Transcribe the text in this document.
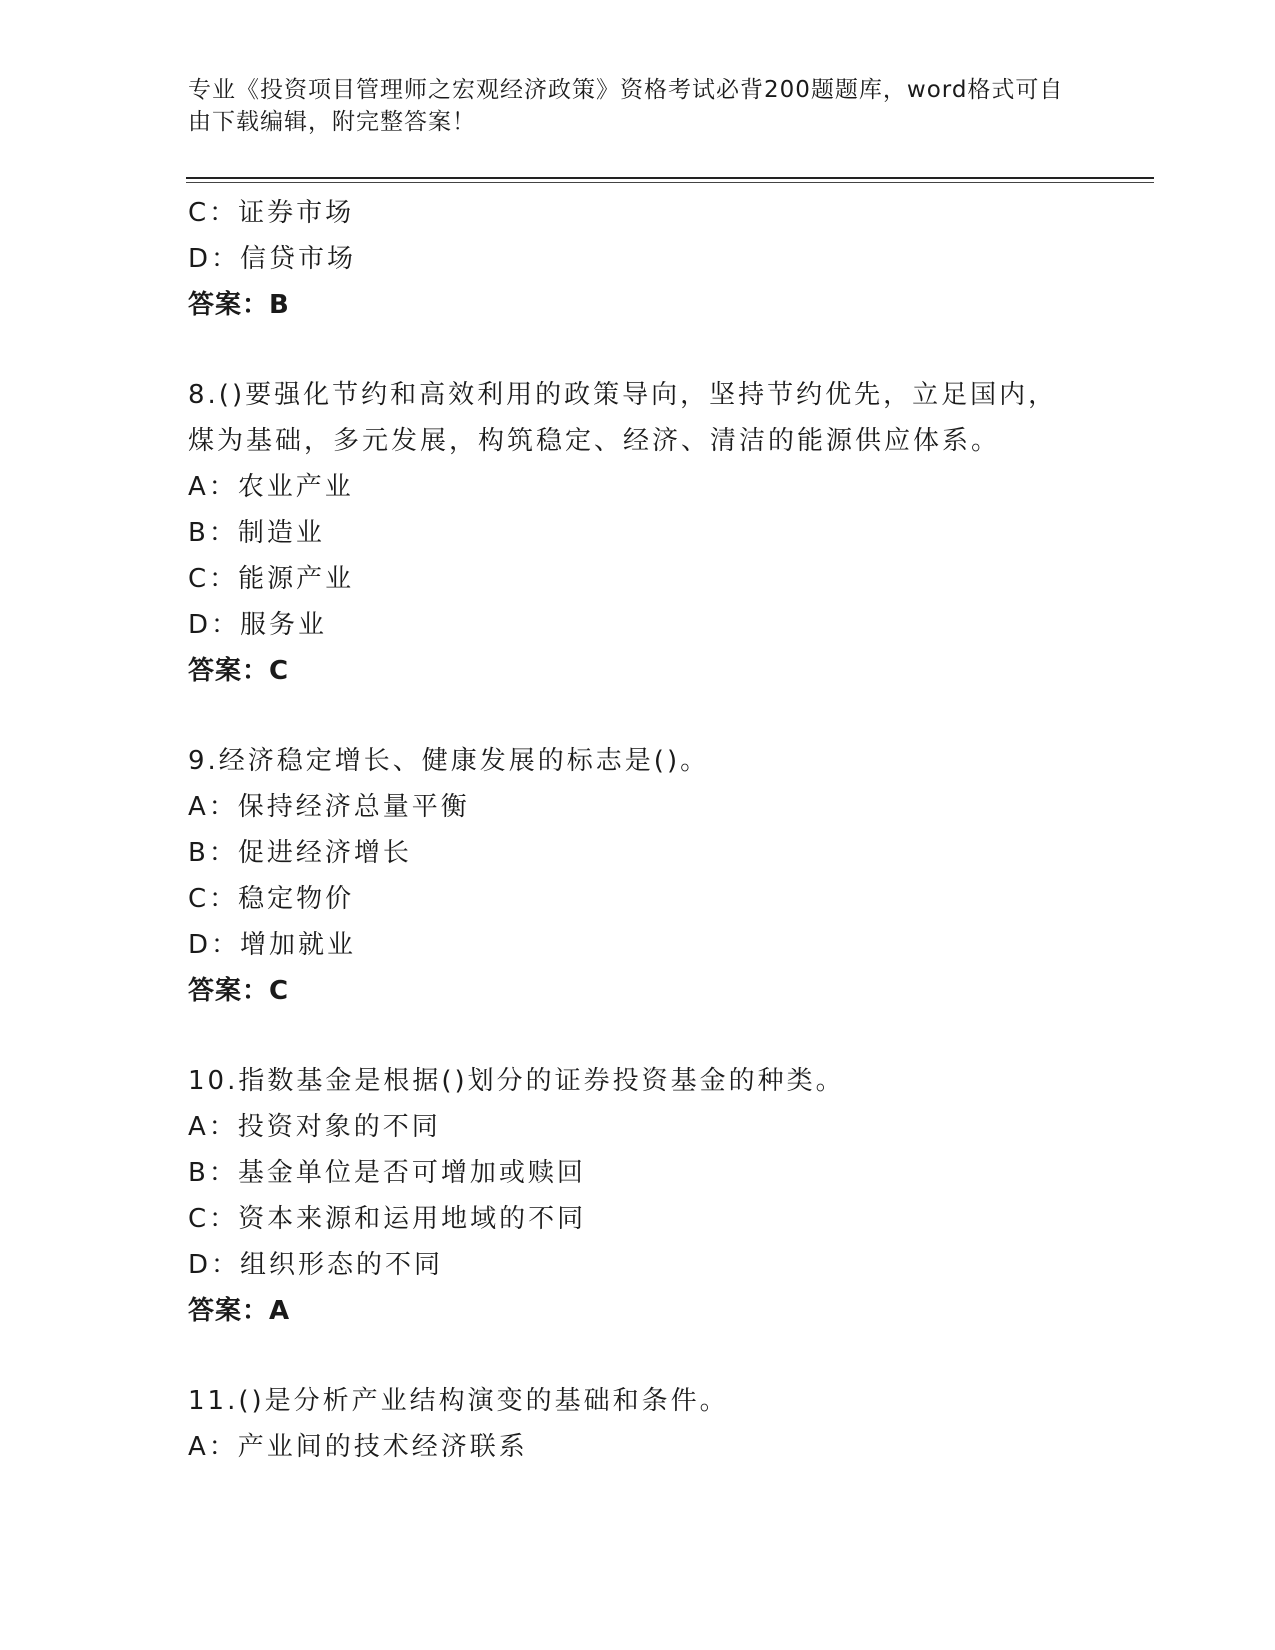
专业《投资项目管理师之宏观经济政策》资格考试必背200题题库，word格式可自由下载编辑，附完整答案！
C：证券市场
D：信贷市场
答案：B
8.()要强化节约和高效利用的政策导向，坚持节约优先，立足国内，煤为基础，多元发展，构筑稳定、经济、清洁的能源供应体系。
A：农业产业
B：制造业
C：能源产业
D：服务业
答案：C
9.经济稳定增长、健康发展的标志是()。
A：保持经济总量平衡
B：促进经济增长
C：稳定物价
D：增加就业
答案：C
10.指数基金是根据()划分的证券投资基金的种类。
A：投资对象的不同
B：基金单位是否可增加或赎回
C：资本来源和运用地域的不同
D：组织形态的不同
答案：A
11.()是分析产业结构演变的基础和条件。
A：产业间的技术经济联系
